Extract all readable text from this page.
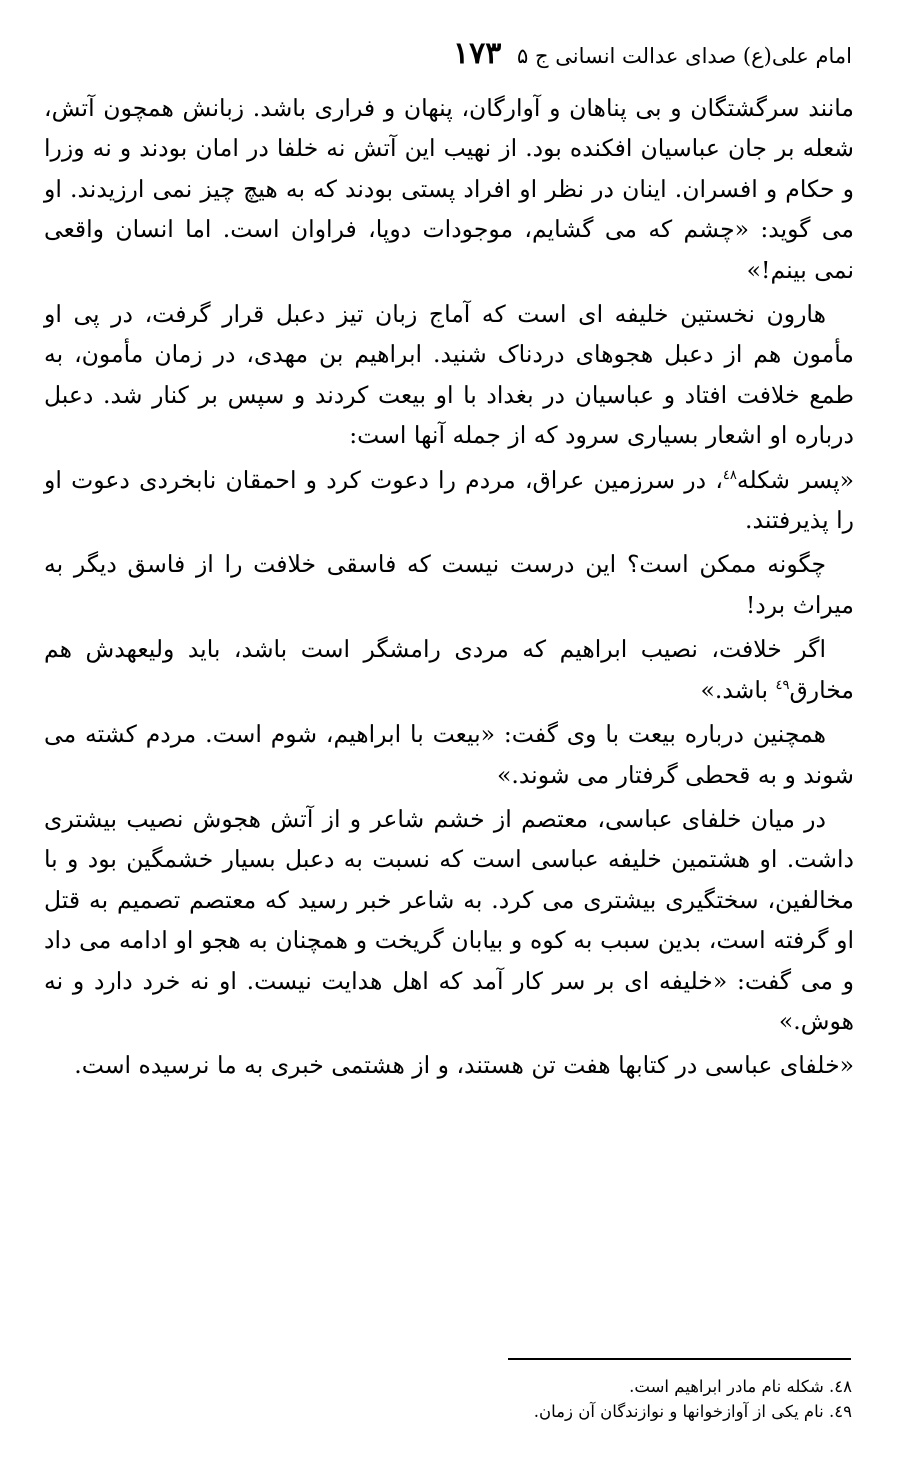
امام علی(ع) صدای عدالت انسانی ج ۵
۱۷۳

مانند سرگشتگان و بی پناهان و آوارگان، پنهان و فراری باشد. زبانش همچون آتش، شعله بر جان عباسیان افکنده بود. از نهیب این آتش نه خلفا در امان بودند و نه وزرا و حکام و افسران. اینان در نظر او افراد پستی بودند که به هیچ چیز نمی ارزیدند. او می گوید: «چشم که می گشایم، موجودات دوپا، فراوان است. اما انسان واقعی نمی بینم!»

هارون نخستین خلیفه ای است که آماج زبان تیز دعبل قرار گرفت، در پی او مأمون هم از دعبل هجوهای دردناک شنید. ابراهیم بن مهدی، در زمان مأمون، به طمع خلافت افتاد و عباسیان در بغداد با او بیعت کردند و سپس بر کنار شد. دعبل درباره او اشعار بسیاری سرود که از جمله آنها است:

«پسر شکله$^{٤٨}$، در سرزمین عراق، مردم را دعوت کرد و احمقان نابخردی دعوت او را پذیرفتند.

چگونه ممکن است؟ این درست نیست که فاسقی خلافت را از فاسق دیگر به میراث برد!

اگر خلافت، نصیب ابراهیم که مردی رامشگر است باشد، باید ولیعهدش هم مخارق$^{٤٩}$ باشد.»

همچنین درباره بیعت با وی گفت: «بیعت با ابراهیم، شوم است. مردم کشته می شوند و به قحطی گرفتار می شوند.»

در میان خلفای عباسی، معتصم از خشم شاعر و از آتش هجوش نصیب بیشتری داشت. او هشتمین خلیفه عباسی است که نسبت به دعبل بسیار خشمگین بود و با مخالفین، سختگیری بیشتری می کرد. به شاعر خبر رسید که معتصم تصمیم به قتل او گرفته است، بدین سبب به کوه و بیابان گریخت و همچنان به هجو او ادامه می داد و می گفت: «خلیفه ای بر سر کار آمد که اهل هدایت نیست. او نه خرد دارد و نه هوش.»

«خلفای عباسی در کتابها هفت تن هستند، و از هشتمی خبری به ما نرسیده است.

٤٨. شکله نام مادر ابراهیم است.
٤٩. نام یکی از آوازخوانها و نوازندگان آن زمان.
